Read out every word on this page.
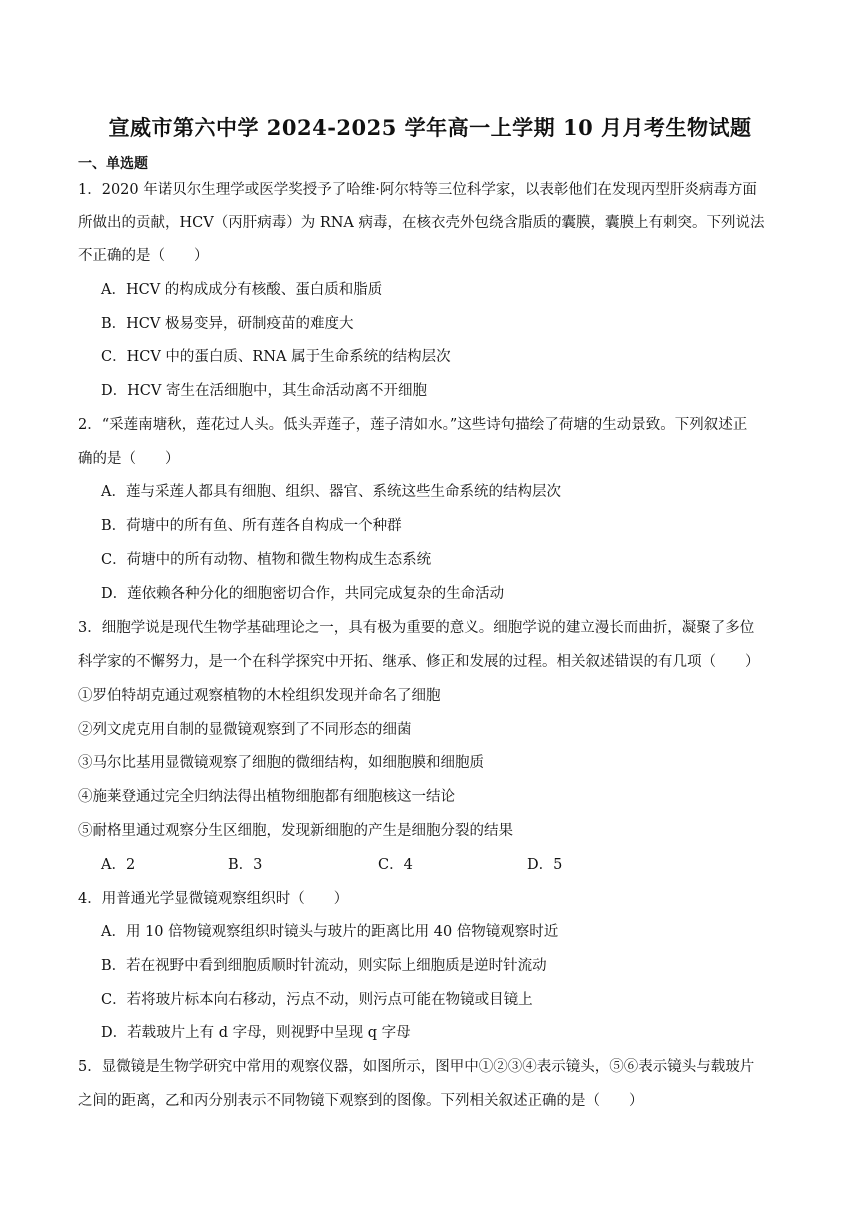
宣威市第六中学 2024-2025 学年高一上学期 10 月月考生物试题
一、单选题
1．2020 年诺贝尔生理学或医学奖授予了哈维·阿尔特等三位科学家，以表彰他们在发现丙型肝炎病毒方面
所做出的贡献，HCV（丙肝病毒）为 RNA 病毒，在核衣壳外包绕含脂质的囊膜，囊膜上有刺突。下列说法
不正确的是（　　）
A．HCV 的构成成分有核酸、蛋白质和脂质
B．HCV 极易变异，研制疫苗的难度大
C．HCV 中的蛋白质、RNA 属于生命系统的结构层次
D．HCV 寄生在活细胞中，其生命活动离不开细胞
2．“采莲南塘秋，莲花过人头。低头弄莲子，莲子清如水。”这些诗句描绘了荷塘的生动景致。下列叙述正
确的是（　　）
A．莲与采莲人都具有细胞、组织、器官、系统这些生命系统的结构层次
B．荷塘中的所有鱼、所有莲各自构成一个种群
C．荷塘中的所有动物、植物和微生物构成生态系统
D．莲依赖各种分化的细胞密切合作，共同完成复杂的生命活动
3．细胞学说是现代生物学基础理论之一，具有极为重要的意义。细胞学说的建立漫长而曲折，凝聚了多位
科学家的不懈努力，是一个在科学探究中开拓、继承、修正和发展的过程。相关叙述错误的有几项（　　）
①罗伯特胡克通过观察植物的木栓组织发现并命名了细胞
②列文虎克用自制的显微镜观察到了不同形态的细菌
③马尔比基用显微镜观察了细胞的微细结构，如细胞膜和细胞质
④施莱登通过完全归纳法得出植物细胞都有细胞核这一结论
⑤耐格里通过观察分生区细胞，发现新细胞的产生是细胞分裂的结果
A．2	B．3	C．4	D．5
4．用普通光学显微镜观察组织时（　　）
A．用 10 倍物镜观察组织时镜头与玻片的距离比用 40 倍物镜观察时近
B．若在视野中看到细胞质顺时针流动，则实际上细胞质是逆时针流动
C．若将玻片标本向右移动，污点不动，则污点可能在物镜或目镜上
D．若载玻片上有 d 字母，则视野中呈现 q 字母
5．显微镜是生物学研究中常用的观察仪器，如图所示，图甲中①②③④表示镜头，⑤⑥表示镜头与载玻片
之间的距离，乙和丙分别表示不同物镜下观察到的图像。下列相关叙述正确的是（　　）
